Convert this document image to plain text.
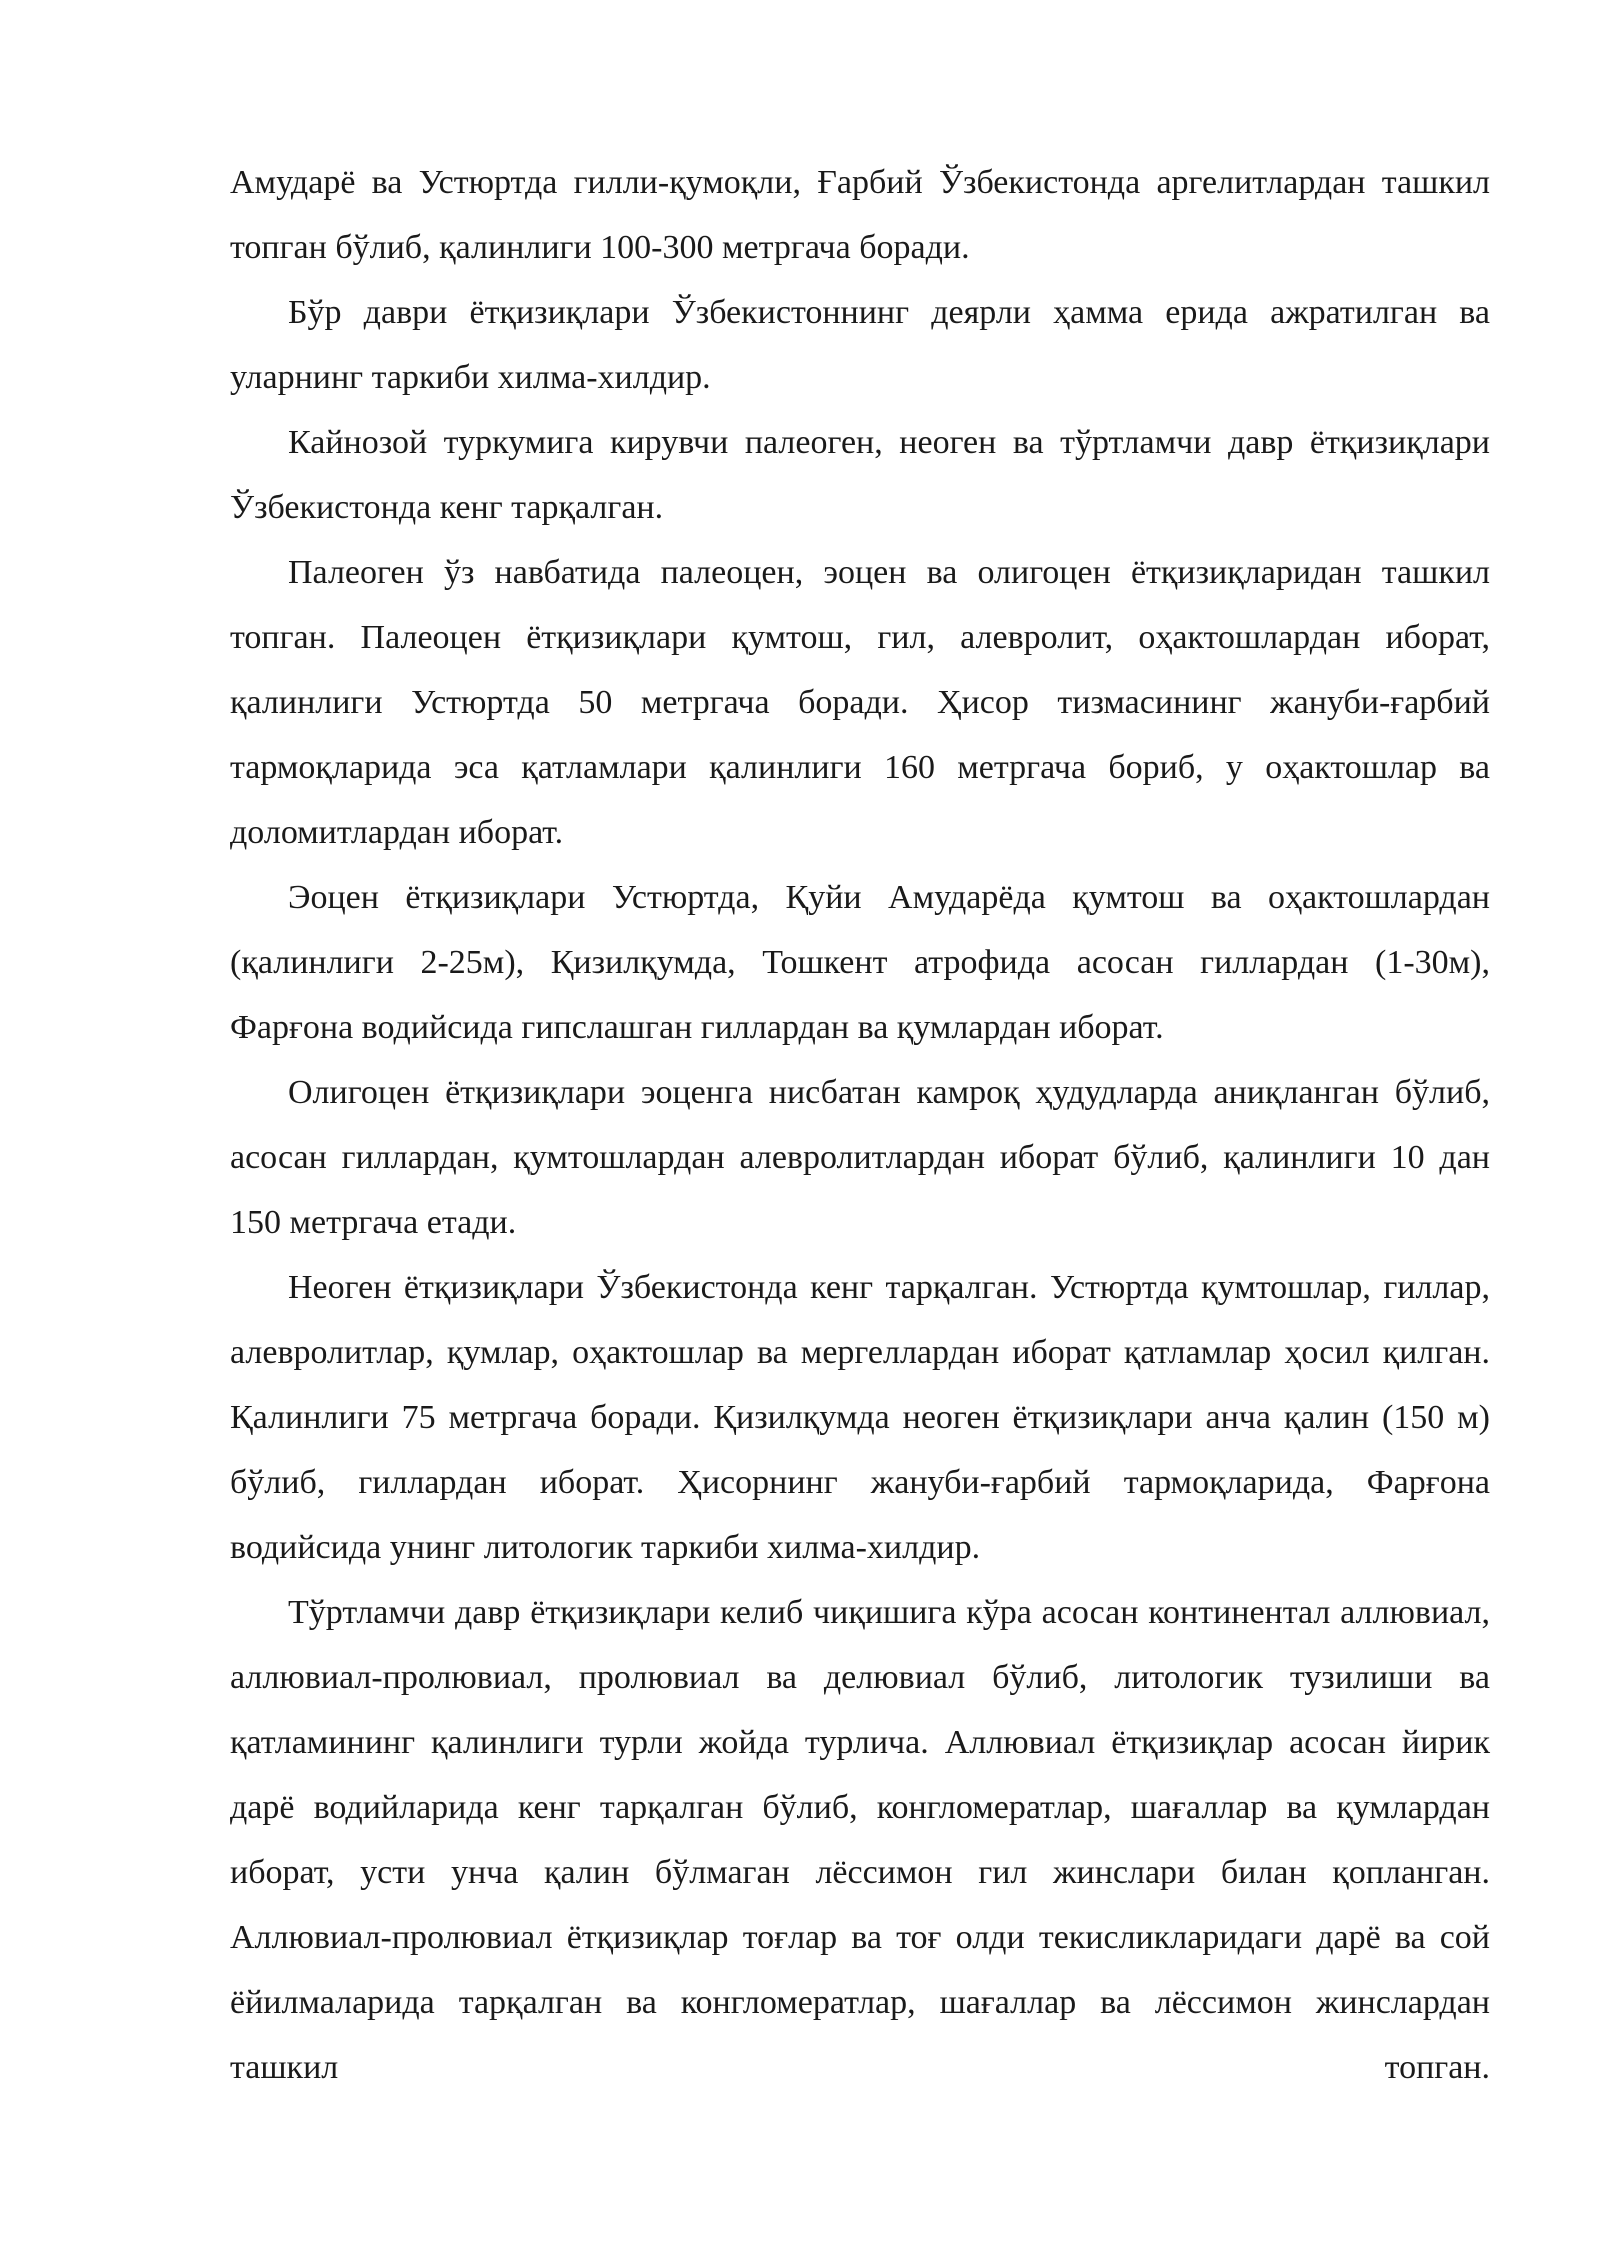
Амударё ва Устюртда гилли-қумоқли, Ғарбий Ўзбекистонда аргелитлардан ташкил топган бўлиб, қалинлиги 100-300 метргача боради.

Бўр даври ётқизиқлари Ўзбекистоннинг деярли ҳамма ерида ажратилган ва уларнинг таркиби хилма-хилдир.

Кайнозой туркумига кирувчи палеоген, неоген ва тўртламчи давр ётқизиқлари Ўзбекистонда кенг тарқалган.

Палеоген ўз навбатида палеоцен, эоцен ва олигоцен ётқизиқларидан ташкил топган. Палеоцен ётқизиқлари қумтош, гил, алевролит, оҳактошлардан иборат, қалинлиги Устюртда 50 метргача боради. Ҳисор тизмасининг жануби-ғарбий тармоқларида эса қатламлари қалинлиги 160 метргача бориб, у оҳактошлар ва доломитлардан иборат.

Эоцен ётқизиқлари Устюртда, Қуйи Амударёда қумтош ва оҳактошлардан (қалинлиги 2-25м), Қизилқумда, Тошкент атрофида асосан гиллардан (1-30м), Фарғона водийсида гипслашган гиллардан ва қумлардан иборат.

Олигоцен ётқизиқлари эоценга нисбатан камроқ ҳудудларда аниқланган бўлиб, асосан гиллардан, қумтошлардан алевролитлардан иборат бўлиб, қалинлиги 10 дан 150 метргача етади.

Неоген ётқизиқлари Ўзбекистонда кенг тарқалган. Устюртда қумтошлар, гиллар, алевролитлар, қумлар, оҳактошлар ва мергеллардан иборат қатламлар ҳосил қилган. Қалинлиги 75 метргача боради. Қизилқумда неоген ётқизиқлари анча қалин (150 м) бўлиб, гиллардан иборат. Ҳисорнинг жануби-ғарбий тармоқларида, Фарғона водийсида унинг литологик таркиби хилма-хилдир.

Тўртламчи давр ётқизиқлари келиб чиқишига кўра асосан континентал аллювиал, аллювиал-пролювиал, пролювиал ва делювиал бўлиб, литологик тузилиши ва қатламининг қалинлиги турли жойда турлича. Аллювиал ётқизиқлар асосан йирик дарё водийларида кенг тарқалган бўлиб, конгломератлар, шағаллар ва қумлардан иборат, усти унча қалин бўлмаган лёссимон гил жинслари билан қопланган. Аллювиал-пролювиал ётқизиқлар тоғлар ва тоғ олди текисликларидаги дарё ва сой ёйилмаларида тарқалган ва конгломератлар, шағаллар ва лёссимон жинслардан ташкил топган.
